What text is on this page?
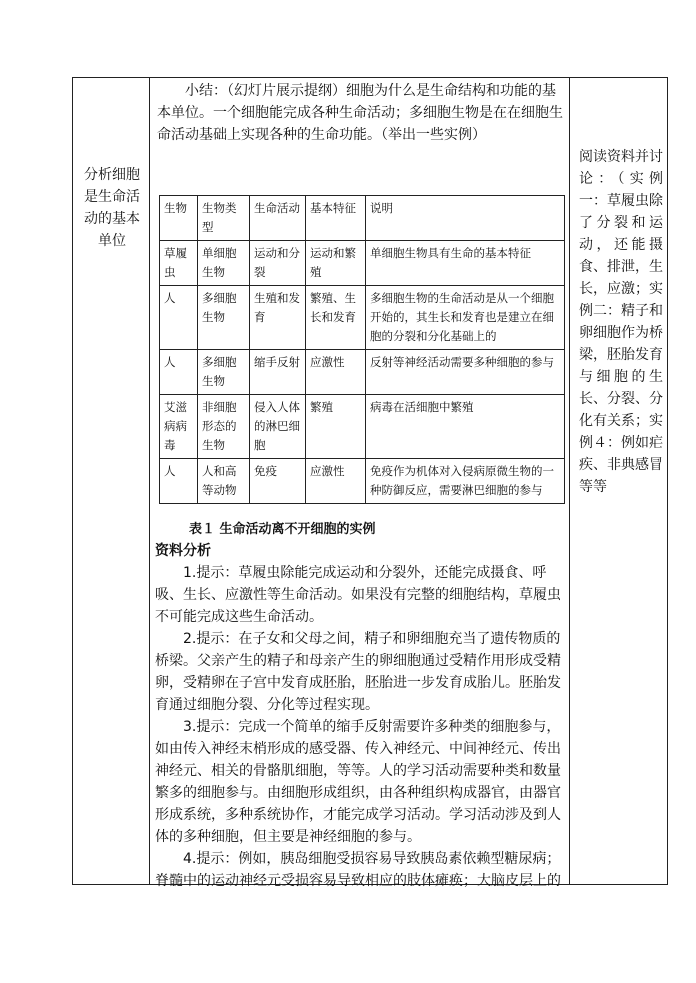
分析细胞是生命活动的基本单位
小结：（幻灯片展示提纲）细胞为什么是生命结构和功能的基本单位。一个细胞能完成各种生命活动；多细胞生物是在在细胞生命活动基础上实现各种的生命功能。（举出一些实例）
生物	生物类型	生命活动	基本特征	说明
草履虫	单细胞生物	运动和分裂	运动和繁殖	单细胞生物具有生命的基本特征
人	多细胞生物	生殖和发育	繁殖、生长和发育	多细胞生物的生命活动是从一个细胞开始的，其生长和发育也是建立在细胞的分裂和分化基础上的
人	多细胞生物	缩手反射	应激性	反射等神经活动需要多种细胞的参与
艾滋病病毒	非细胞形态的生物	侵入人体的淋巴细胞	繁殖	病毒在活细胞中繁殖
人	人和高等动物	免疫	应激性	免疫作为机体对入侵病原微生物的一种防御反应，需要淋巴细胞的参与
表１ 生命活动离不开细胞的实例
资料分析

1.提示：草履虫除能完成运动和分裂外，还能完成摄食、呼吸、生长、应激性等生命活动。如果没有完整的细胞结构，草履虫不可能完成这些生命活动。

2.提示：在子女和父母之间，精子和卵细胞充当了遗传物质的桥梁。父亲产生的精子和母亲产生的卵细胞通过受精作用形成受精卵，受精卵在子宫中发育成胚胎，胚胎进一步发育成胎儿。胚胎发育通过细胞分裂、分化等过程实现。

3.提示：完成一个简单的缩手反射需要许多种类的细胞参与，如由传入神经末梢形成的感受器、传入神经元、中间神经元、传出神经元、相关的骨骼肌细胞，等等。人的学习活动需要种类和数量繁多的细胞参与。由细胞形成组织，由各种组织构成器官，由器官形成系统，多种系统协作，才能完成学习活动。学习活动涉及到人体的多种细胞，但主要是神经细胞的参与。

4.提示：例如，胰岛细胞受损容易导致胰岛素依赖型糖尿病；脊髓中的运动神经元受损容易导致相应的肢体瘫痪；大脑皮层上的

阅读资料并讨论：（实例一：草履虫除了分裂和运动，还能摄食、排泄，生长，应激；实例二：精子和卵细胞作为桥梁，胚胎发育与细胞的生长、分裂、分化有关系；实例４：例如疟疾、非典感冒等等
